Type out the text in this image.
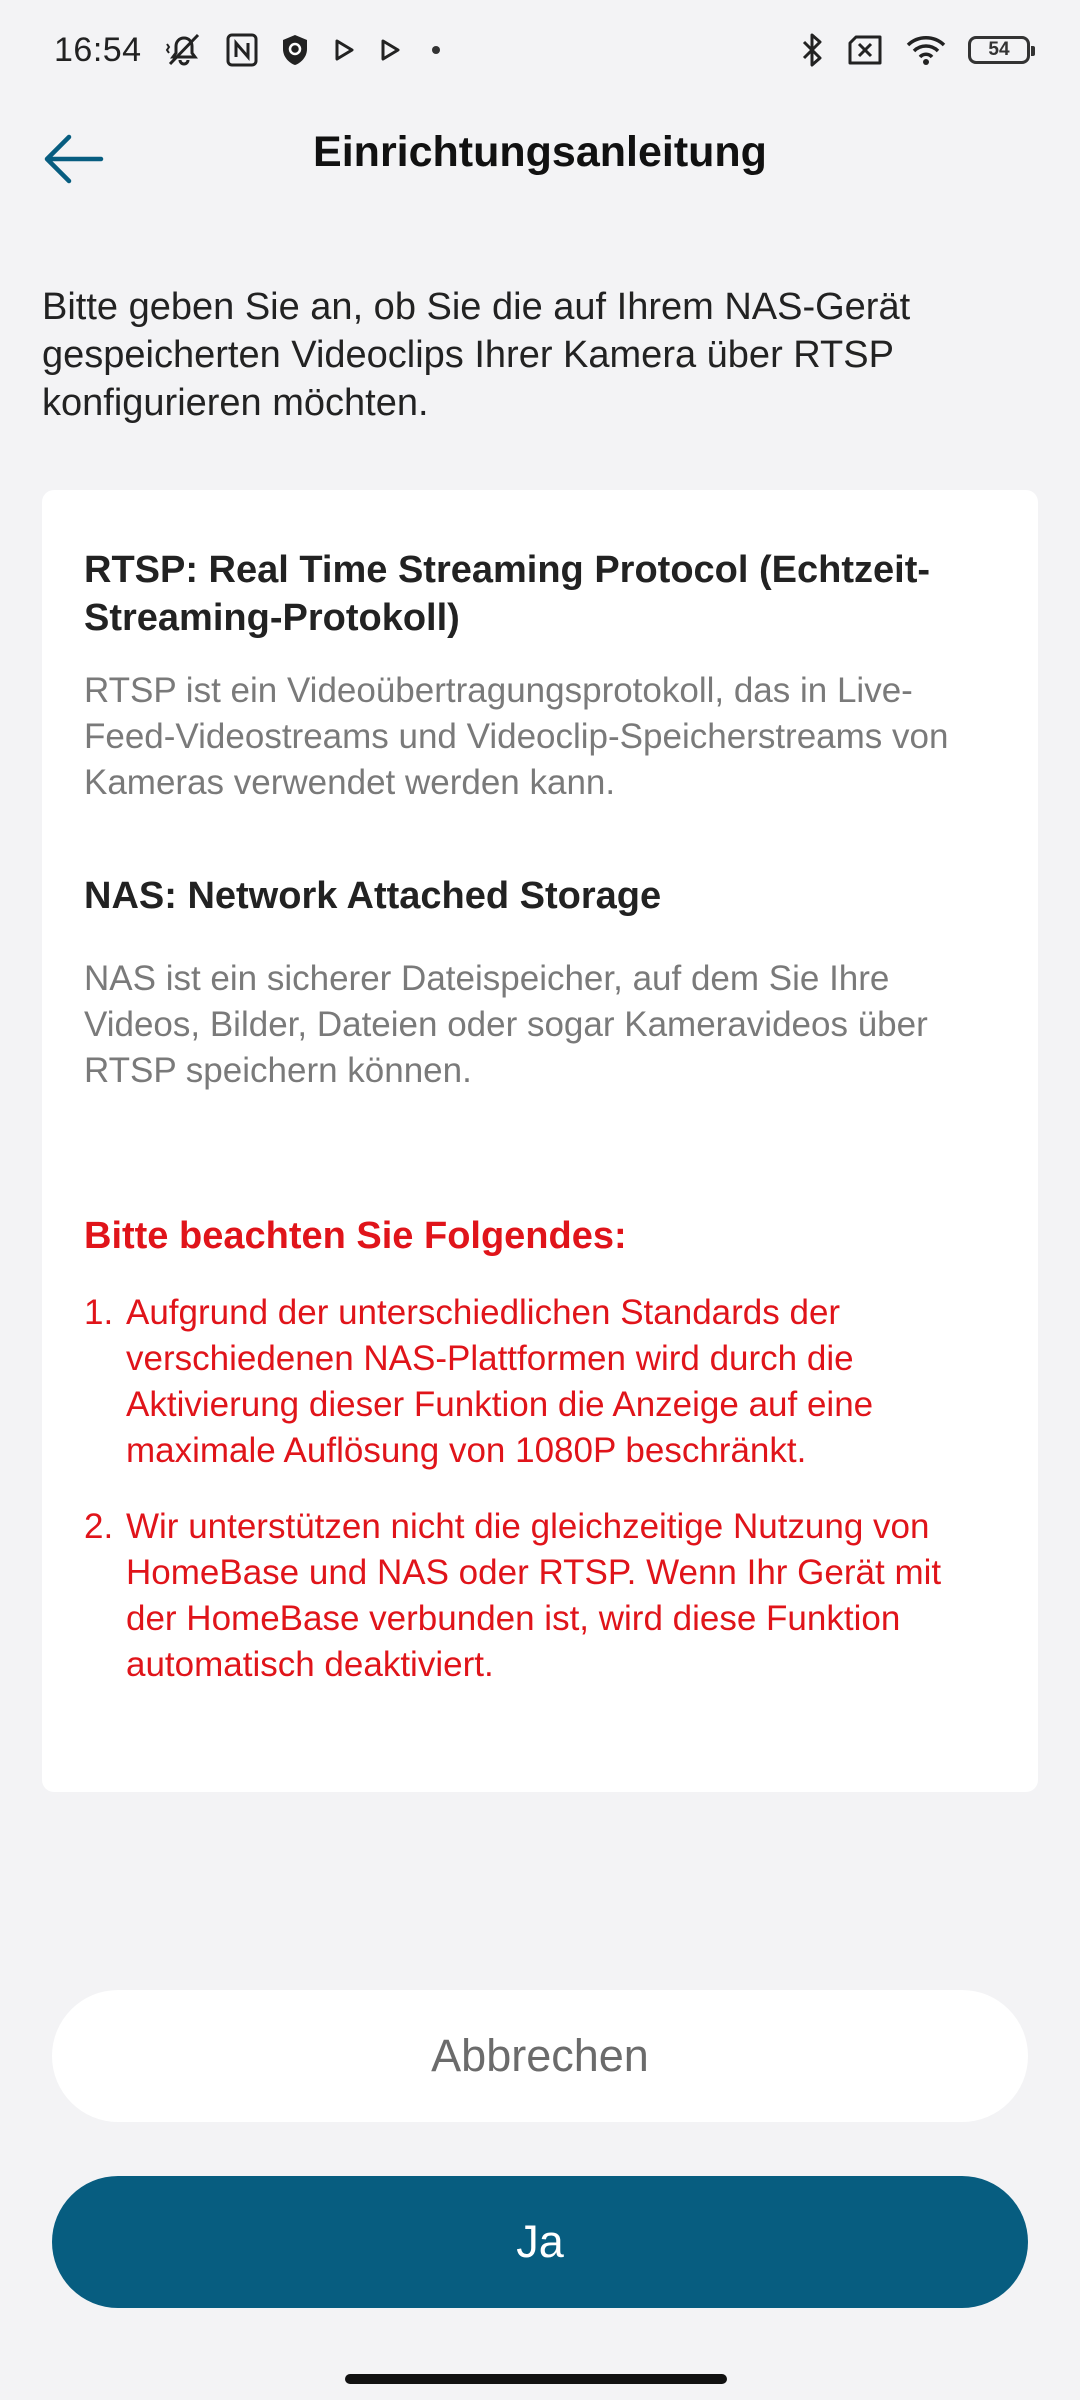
16:54	54
Einrichtungsanleitung

Bitte geben Sie an, ob Sie die auf Ihrem NAS-Gerät gespeicherten Videoclips Ihrer Kamera über RTSP konfigurieren möchten.

RTSP: Real Time Streaming Protocol (Echtzeit-Streaming-Protokoll)

RTSP ist ein Videoübertragungsprotokoll, das in Live-Feed-Videostreams und Videoclip-Speicherstreams von Kameras verwendet werden kann.

NAS: Network Attached Storage

NAS ist ein sicherer Dateispeicher, auf dem Sie Ihre Videos, Bilder, Dateien oder sogar Kameravideos über RTSP speichern können.

Bitte beachten Sie Folgendes:
1. Aufgrund der unterschiedlichen Standards der verschiedenen NAS-Plattformen wird durch die Aktivierung dieser Funktion die Anzeige auf eine maximale Auflösung von 1080P beschränkt.
2. Wir unterstützen nicht die gleichzeitige Nutzung von HomeBase und NAS oder RTSP. Wenn Ihr Gerät mit der HomeBase verbunden ist, wird diese Funktion automatisch deaktiviert.
Abbrechen
Ja
